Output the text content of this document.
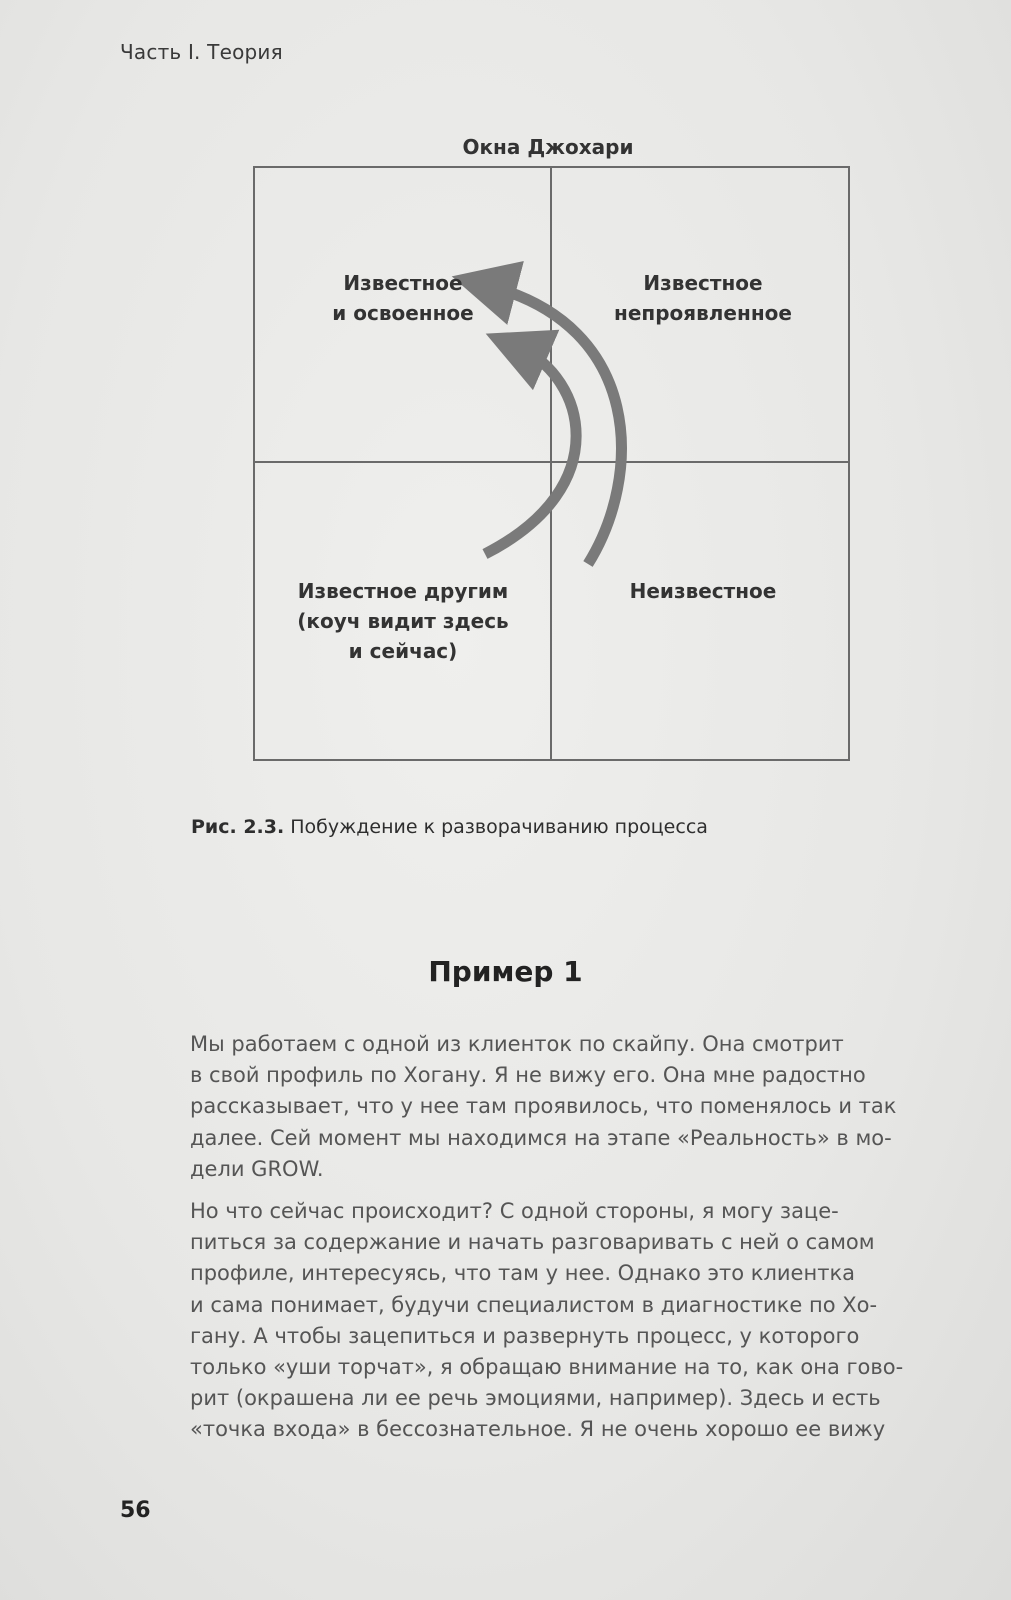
Часть I. Теория
Окна Джохари
Известное
и освоенное
Известное
непроявленное
Известное другим
(коуч видит здесь
и сейчас)
Неизвестное
Рис. 2.3. Побуждение к разворачиванию процесса
Пример 1
Мы работаем с одной из клиенток по скайпу. Она смотрит
в свой профиль по Хогану. Я не вижу его. Она мне радостно
рассказывает, что у нее там проявилось, что поменялось и так
далее. Сей момент мы находимся на этапе «Реальность» в мо-
дели GROW.
Но что сейчас происходит? С одной стороны, я могу заце-
питься за содержание и начать разговаривать с ней о самом
профиле, интересуясь, что там у нее. Однако это клиентка
и сама понимает, будучи специалистом в диагностике по Хо-
гану. А чтобы зацепиться и развернуть процесс, у которого
только «уши торчат», я обращаю внимание на то, как она гово-
рит (окрашена ли ее речь эмоциями, например). Здесь и есть
«точка входа» в бессознательное. Я не очень хорошо ее вижу
56
